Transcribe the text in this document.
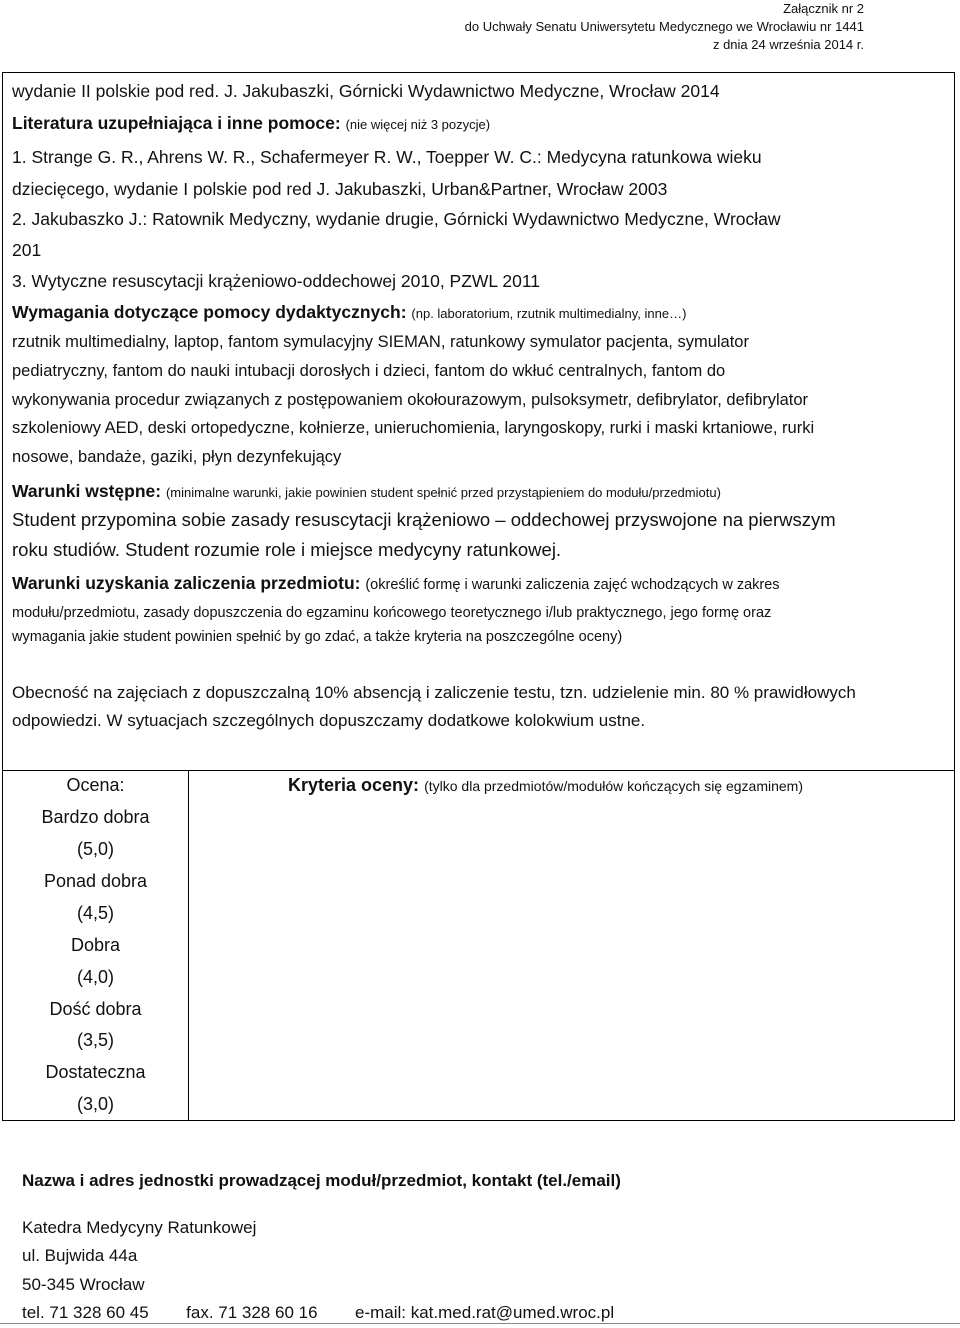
Załącznik nr 2
do Uchwały Senatu Uniwersytetu Medycznego we Wrocławiu nr 1441
z dnia 24 września 2014 r.
wydanie II polskie pod red. J. Jakubaszki, Górnicki Wydawnictwo Medyczne, Wrocław 2014
Literatura uzupełniająca i inne pomoce: (nie więcej niż 3 pozycje)
1. Strange G. R., Ahrens W. R., Schafermeyer R. W., Toepper W. C.: Medycyna ratunkowa wieku
dziecięcego, wydanie I polskie pod red J. Jakubaszki, Urban&Partner, Wrocław 2003
2. Jakubaszko J.: Ratownik Medyczny, wydanie drugie, Górnicki Wydawnictwo Medyczne, Wrocław
201
3. Wytyczne resuscytacji krążeniowo-oddechowej 2010, PZWL 2011
Wymagania dotyczące pomocy dydaktycznych: (np. laboratorium, rzutnik multimedialny, inne…)
rzutnik multimedialny, laptop, fantom symulacyjny SIEMAN, ratunkowy symulator pacjenta, symulator
pediatryczny, fantom do nauki intubacji dorosłych i dzieci, fantom do wkłuć centralnych, fantom do
wykonywania procedur związanych z postępowaniem okołourazowym, pulsoksymetr, defibrylator, defibrylator
szkoleniowy AED, deski ortopedyczne, kołnierze, unieruchomienia, laryngoskopy, rurki i maski krtaniowe, rurki
nosowe, bandaże, gaziki, płyn dezynfekujący
Warunki wstępne: (minimalne warunki, jakie powinien student spełnić przed przystąpieniem do modułu/przedmiotu)
Student przypomina sobie zasady resuscytacji krążeniowo – oddechowej przyswojone na pierwszym
roku studiów. Student rozumie role i miejsce medycyny ratunkowej.
Warunki uzyskania zaliczenia przedmiotu: (określić formę i warunki zaliczenia zajęć wchodzących w zakres
modułu/przedmiotu, zasady dopuszczenia do egzaminu końcowego teoretycznego i/lub praktycznego, jego formę oraz
wymagania jakie student powinien spełnić by go zdać, a także kryteria na poszczególne oceny)
Obecność na zajęciach z dopuszczalną 10% absencją i zaliczenie testu, tzn. udzielenie min. 80 % prawidłowych
odpowiedzi. W sytuacjach szczególnych dopuszczamy dodatkowe kolokwium ustne.
Ocena:
Bardzo dobra
(5,0)
Ponad dobra
(4,5)
Dobra
(4,0)
Dość dobra
(3,5)
Dostateczna
(3,0)
Kryteria oceny: (tylko dla przedmiotów/modułów kończących się egzaminem)
Nazwa i adres jednostki prowadzącej moduł/przedmiot, kontakt (tel./email)
Katedra Medycyny Ratunkowej
ul. Bujwida 44a
50-345 Wrocław
tel. 71 328 60 45 fax. 71 328 60 16 e-mail: kat.med.rat@umed.wroc.pl
